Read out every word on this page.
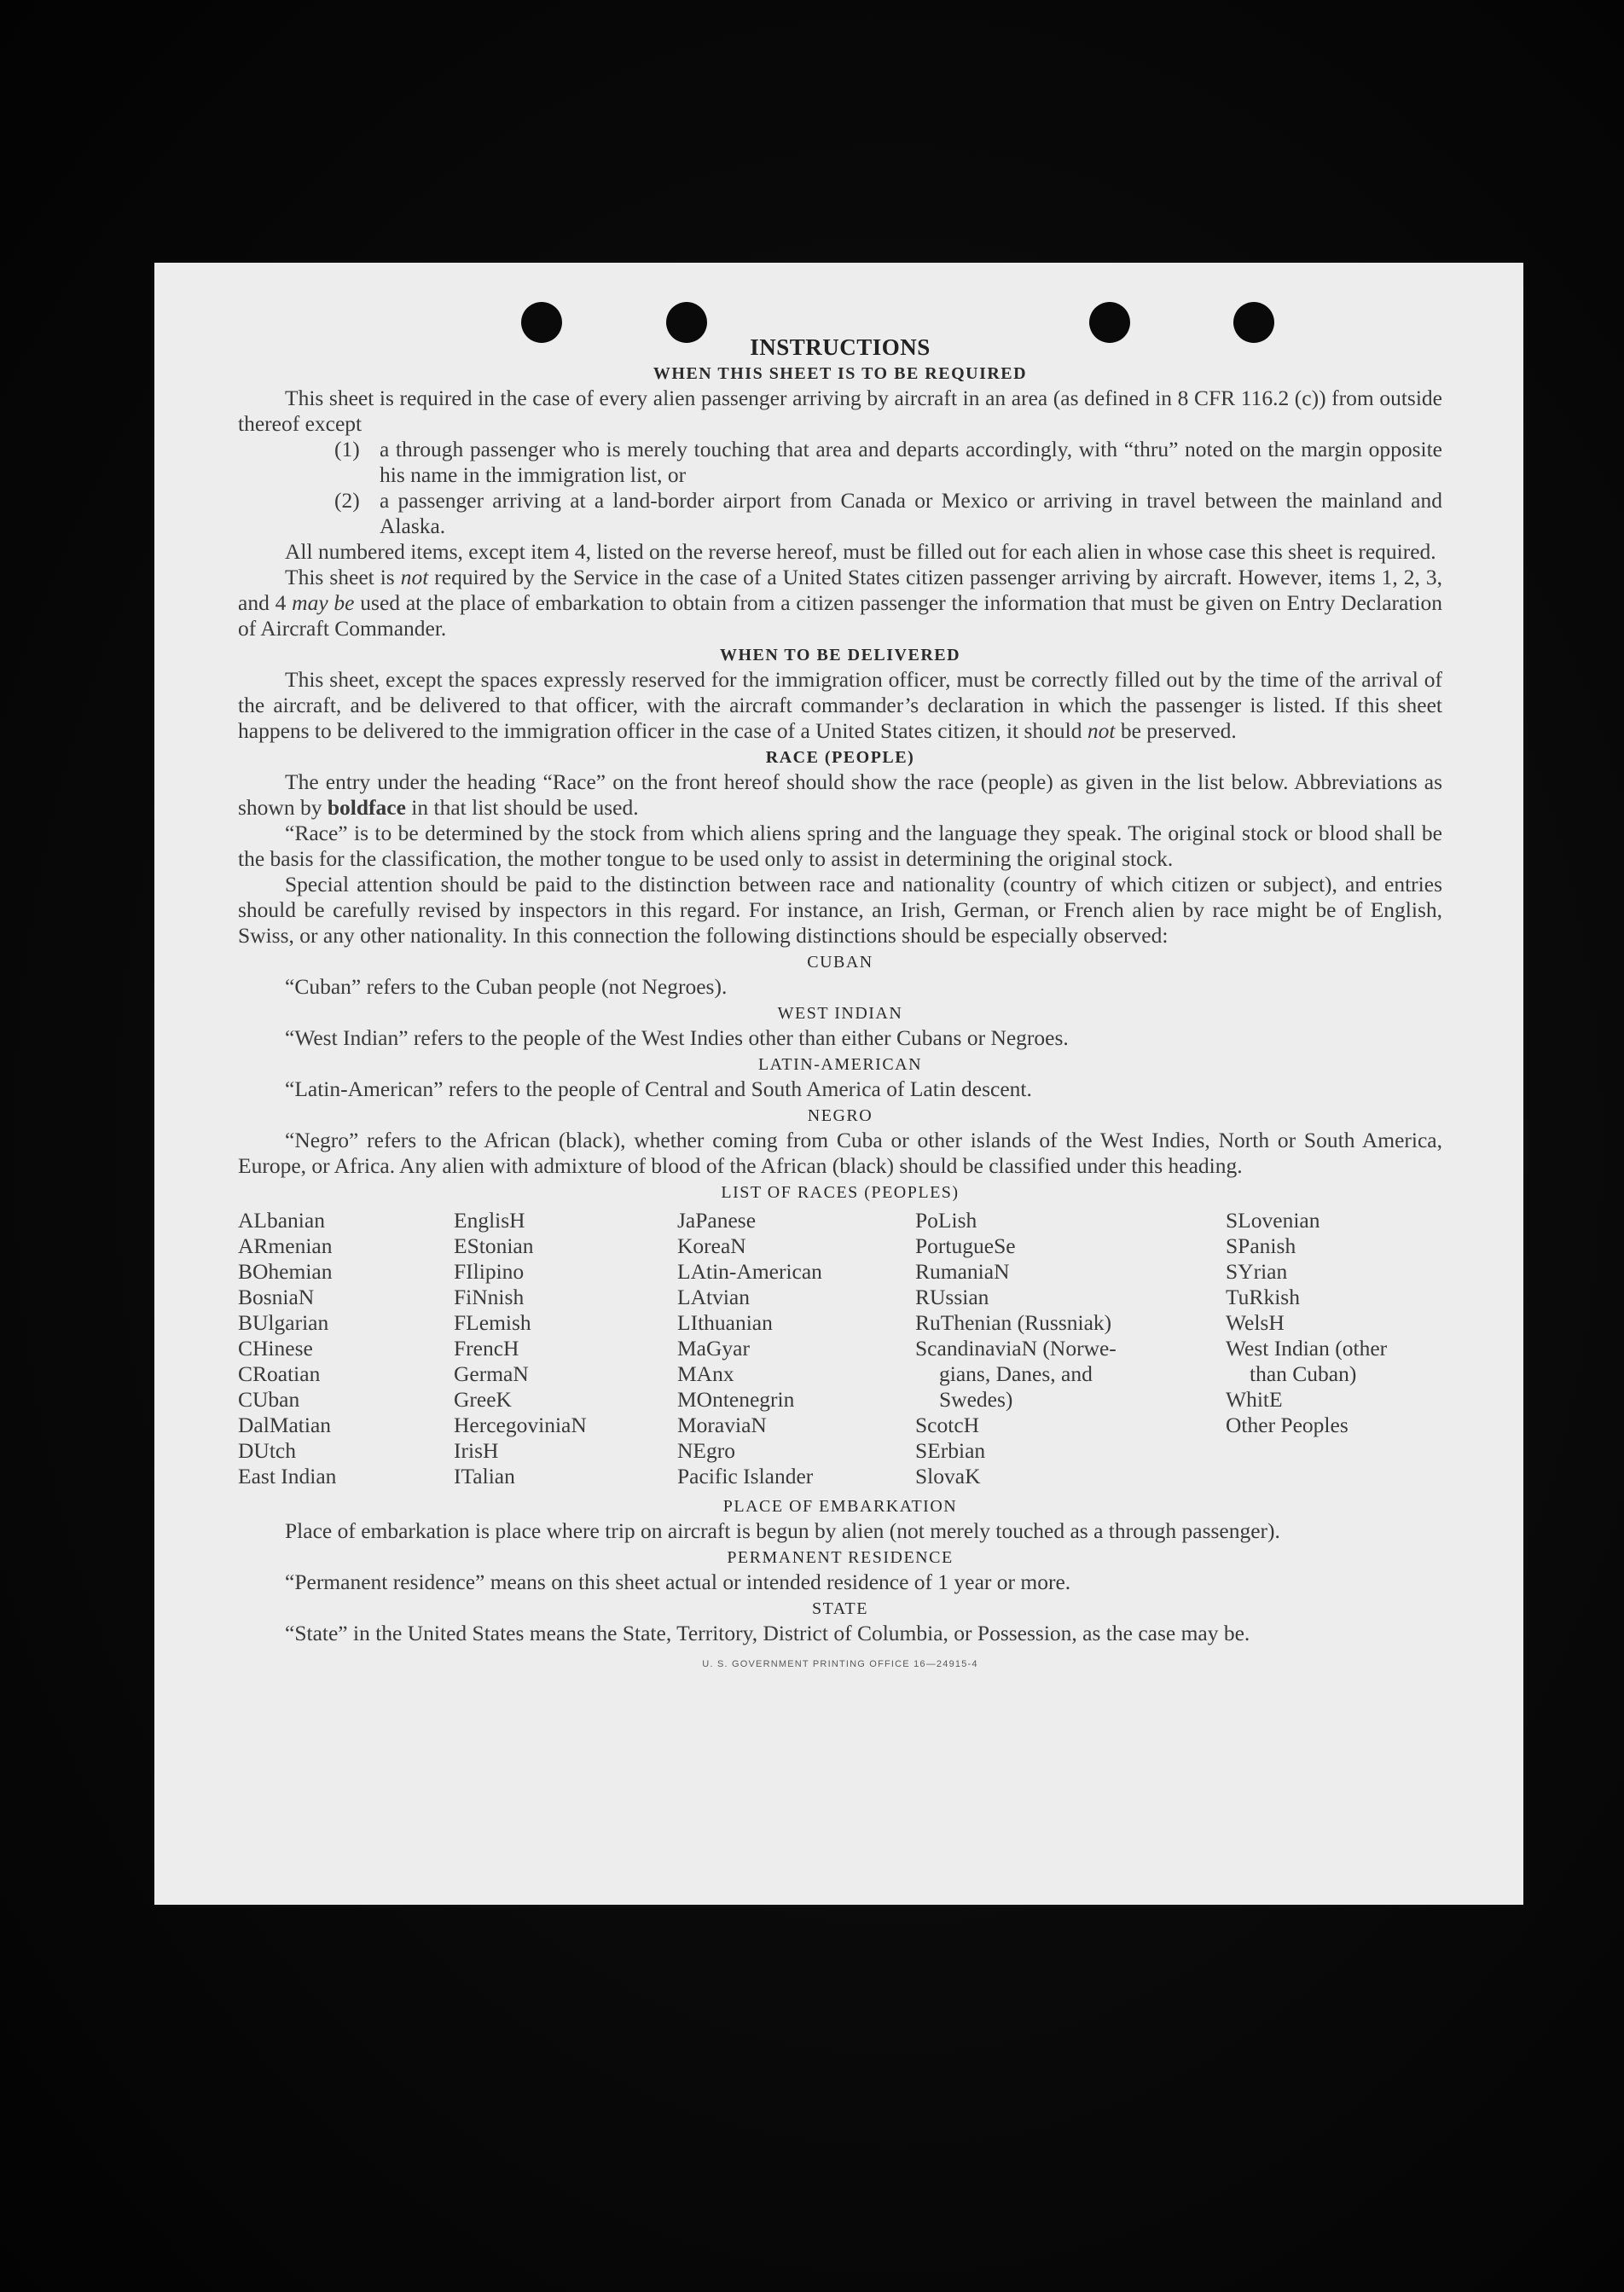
INSTRUCTIONS
WHEN THIS SHEET IS TO BE REQUIRED

This sheet is required in the case of every alien passenger arriving by aircraft in an area (as defined in 8 CFR 116.2 (c)) from outside thereof except

(1) a through passenger who is merely touching that area and departs accordingly, with “thru” noted on the margin opposite his name in the immigration list, or

(2) a passenger arriving at a land-border airport from Canada or Mexico or arriving in travel between the mainland and Alaska.

All numbered items, except item 4, listed on the reverse hereof, must be filled out for each alien in whose case this sheet is required.

This sheet is not required by the Service in the case of a United States citizen passenger arriving by aircraft. However, items 1, 2, 3, and 4 may be used at the place of embarkation to obtain from a citizen passenger the information that must be given on Entry Declaration of Aircraft Commander.

WHEN TO BE DELIVERED

This sheet, except the spaces expressly reserved for the immigration officer, must be correctly filled out by the time of the arrival of the aircraft, and be delivered to that officer, with the aircraft commander’s declaration in which the passenger is listed. If this sheet happens to be delivered to the immigration officer in the case of a United States citizen, it should not be preserved.

RACE (PEOPLE)

The entry under the heading “Race” on the front hereof should show the race (people) as given in the list below. Abbreviations as shown by boldface in that list should be used.

“Race” is to be determined by the stock from which aliens spring and the language they speak. The original stock or blood shall be the basis for the classification, the mother tongue to be used only to assist in determining the original stock.

Special attention should be paid to the distinction between race and nationality (country of which citizen or subject), and entries should be carefully revised by inspectors in this regard. For instance, an Irish, German, or French alien by race might be of English, Swiss, or any other nationality. In this connection the following distinctions should be especially observed:

CUBAN

“Cuban” refers to the Cuban people (not Negroes).

WEST INDIAN

“West Indian” refers to the people of the West Indies other than either Cubans or Negroes.

LATIN-AMERICAN

“Latin-American” refers to the people of Central and South America of Latin descent.

NEGRO

“Negro” refers to the African (black), whether coming from Cuba or other islands of the West Indies, North or South America, Europe, or Africa. Any alien with admixture of blood of the African (black) should be classified under this heading.

LIST OF RACES (PEOPLES)
ALbanian
ARmenian
BOhemian
BosniaN
BUlgarian
CHinese
CRoatian
CUban
DalMatian
DUtch
East Indian
EnglisH
EStonian
FIlipino
FiNnish
FLemish
FrencH
GermaN
GreeK
HercegoviniaN
IrisH
ITalian
JaPanese
KoreaN
LAtin-American
LAtvian
LIthuanian
MaGyar
MAnx
MOntenegrin
MoraviaN
NEgro
Pacific Islander
PoLish
PortugueSe
RumaniaN
RUssian
RuThenian (Russniak)
ScandinaviaN (Norwe-
gians, Danes, and
Swedes)
ScotcH
SErbian
SlovaK
SLovenian
SPanish
SYrian
TuRkish
WelsH
West Indian (other
than Cuban)
WhitE
Other Peoples
PLACE OF EMBARKATION

Place of embarkation is place where trip on aircraft is begun by alien (not merely touched as a through passenger).

PERMANENT RESIDENCE

“Permanent residence” means on this sheet actual or intended residence of 1 year or more.

STATE

“State” in the United States means the State, Territory, District of Columbia, or Possession, as the case may be.

U. S. GOVERNMENT PRINTING OFFICE 16—24915-4
